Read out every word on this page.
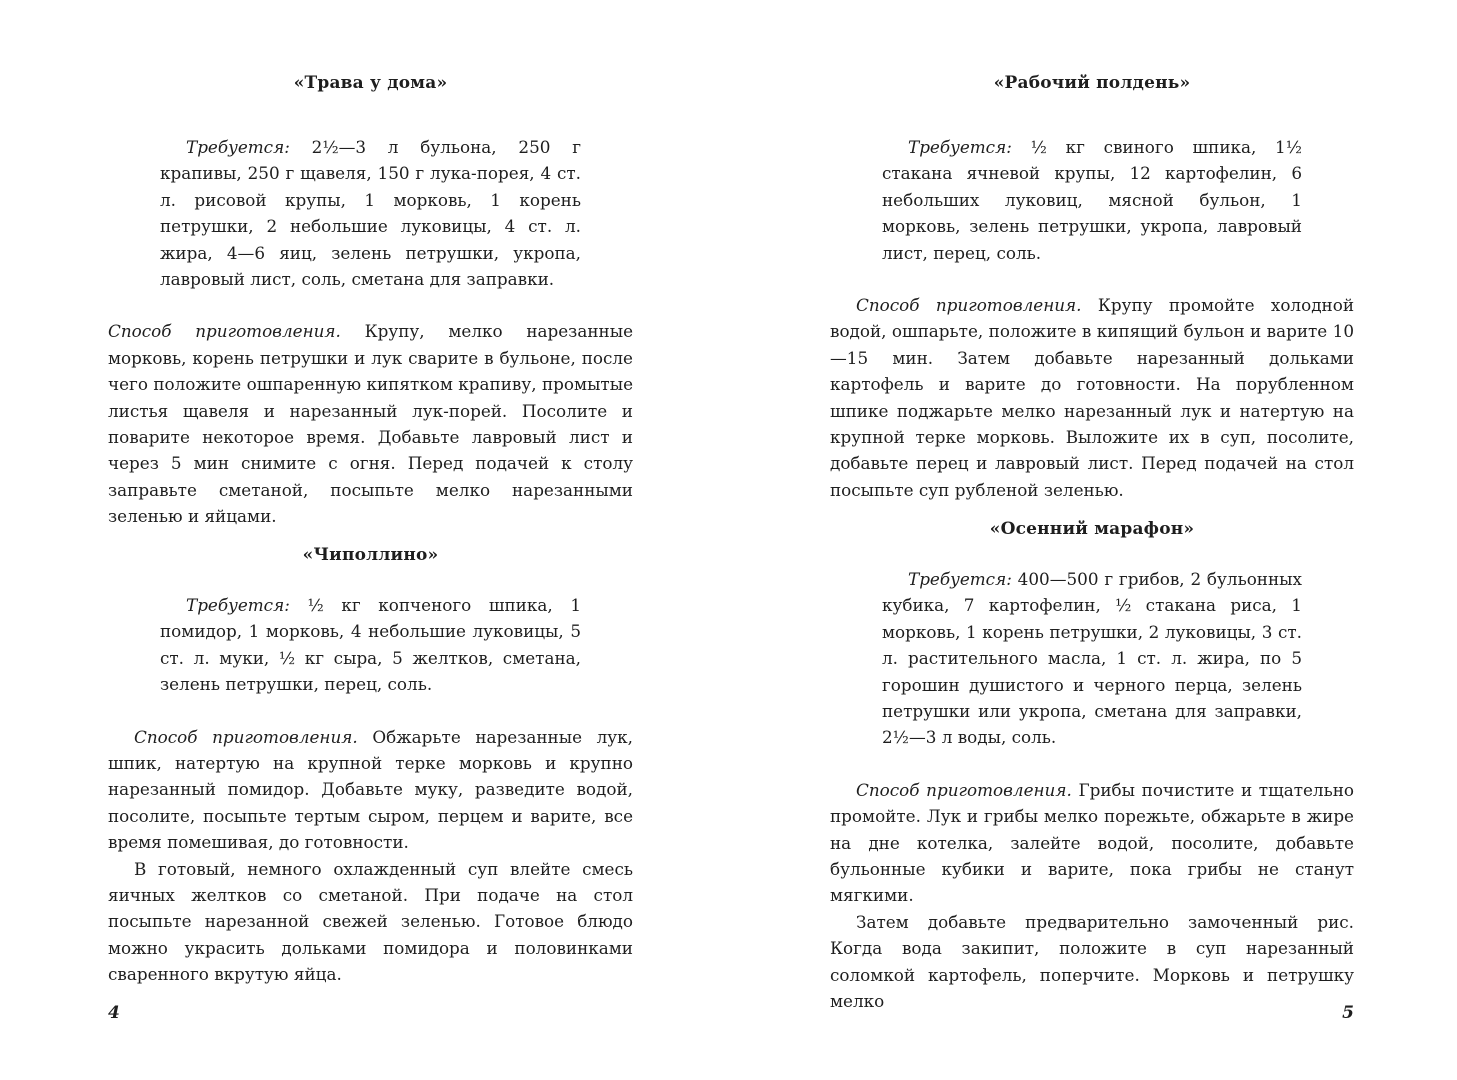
«Трава у дома»

Требуется: 2½—3 л бульона, 250 г крапивы, 250 г щавеля, 150 г лука-порея, 4 ст. л. рисовой крупы, 1 морковь, 1 корень петрушки, 2 небольшие луковицы, 4 ст. л. жира, 4—6 яиц, зелень петрушки, укропа, лавровый лист, соль, сметана для заправки.

Способ приготовления. Крупу, мелко нарезанные морковь, корень петрушки и лук сварите в бульоне, после чего положите ошпаренную кипятком крапиву, промытые листья щавеля и нарезанный лук-порей. Посолите и поварите некоторое время. Добавьте лавровый лист и через 5 мин снимите с огня. Перед подачей к столу заправьте сметаной, посыпьте мелко нарезанными зеленью и яйцами.

«Чиполлино»

Требуется: ½ кг копченого шпика, 1 помидор, 1 морковь, 4 небольшие луковицы, 5 ст. л. муки, ½ кг сыра, 5 желтков, сметана, зелень петрушки, перец, соль.

Способ приготовления. Обжарьте нарезанные лук, шпик, натертую на крупной терке морковь и крупно нарезанный помидор. Добавьте муку, разведите водой, посолите, посыпьте тертым сыром, перцем и варите, все время помешивая, до готовности.

В готовый, немного охлажденный суп влейте смесь яичных желтков со сметаной. При подаче на стол посыпьте нарезанной свежей зеленью. Готовое блюдо можно украсить дольками помидора и половинками сваренного вкрутую яйца.

4
«Рабочий полдень»

Требуется: ½ кг свиного шпика, 1½ стакана ячневой крупы, 12 картофелин, 6 небольших луковиц, мясной бульон, 1 морковь, зелень петрушки, укропа, лавровый лист, перец, соль.

Способ приготовления. Крупу промойте холодной водой, ошпарьте, положите в кипящий бульон и варите 10—15 мин. Затем добавьте нарезанный дольками картофель и варите до готовности. На порубленном шпике поджарьте мелко нарезанный лук и натертую на крупной терке морковь. Выложите их в суп, посолите, добавьте перец и лавровый лист. Перед подачей на стол посыпьте суп рубленой зеленью.

«Осенний марафон»

Требуется: 400—500 г грибов, 2 бульонных кубика, 7 картофелин, ½ стакана риса, 1 морковь, 1 корень петрушки, 2 луковицы, 3 ст. л. растительного масла, 1 ст. л. жира, по 5 горошин душистого и черного перца, зелень петрушки или укропа, сметана для заправки, 2½—3 л воды, соль.

Способ приготовления. Грибы почистите и тщательно промойте. Лук и грибы мелко порежьте, обжарьте в жире на дне котелка, залейте водой, посолите, добавьте бульонные кубики и варите, пока грибы не станут мягкими.

Затем добавьте предварительно замоченный рис. Когда вода закипит, положите в суп нарезанный соломкой картофель, поперчите. Морковь и петрушку мелко

5
